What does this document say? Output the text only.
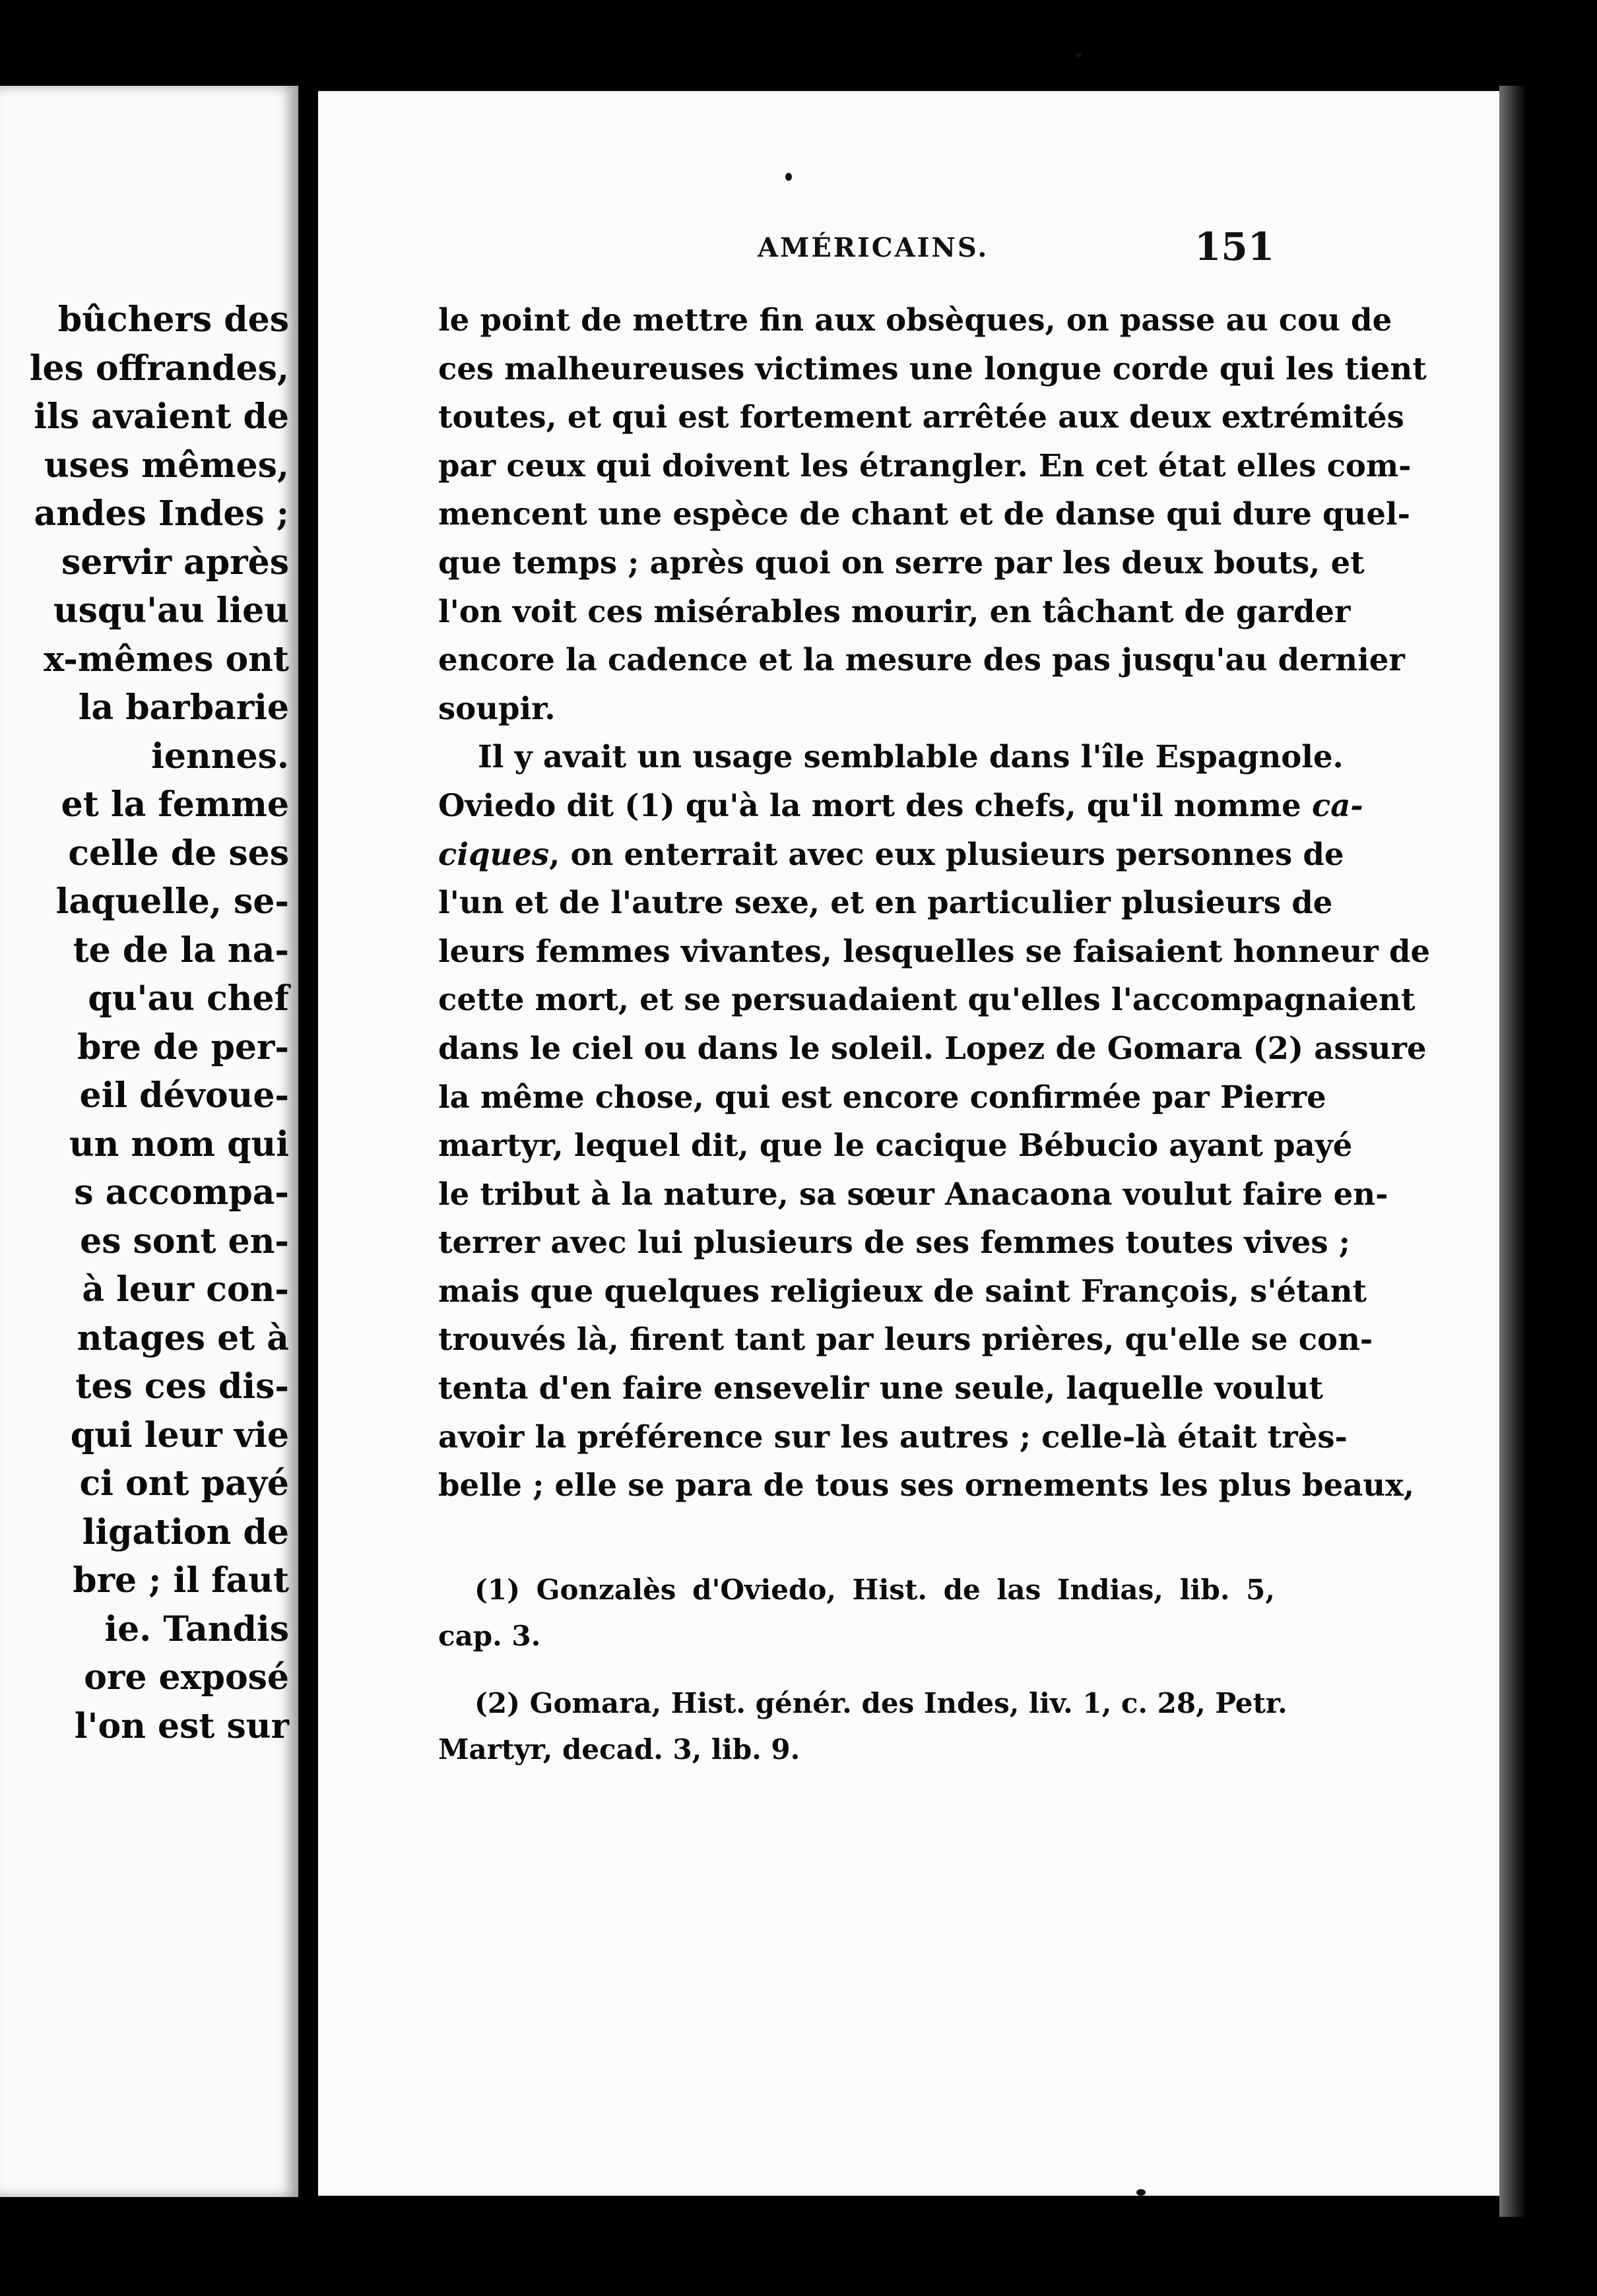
bûchers des
les offrandes,
ils avaient de
uses mêmes,
andes Indes ;
servir après
usqu'au lieu
x-mêmes ont
la barbarie
iennes.
et la femme
celle de ses
laquelle, se-
te de la na-
qu'au chef
bre de per-
eil dévoue-
un nom qui
s accompa-
es sont en-
à leur con-
ntages et à
tes ces dis-
qui leur vie
ci ont payé
ligation de
bre ; il faut
ie. Tandis
ore exposé
l'on est sur
AMÉRICAINS.	151
le point de mettre fin aux obsèques, on passe au cou de
ces malheureuses victimes une longue corde qui les tient
toutes, et qui est fortement arrêtée aux deux extrémités
par ceux qui doivent les étrangler. En cet état elles com-
mencent une espèce de chant et de danse qui dure quel-
que temps ; après quoi on serre par les deux bouts, et
l'on voit ces misérables mourir, en tâchant de garder
encore la cadence et la mesure des pas jusqu'au dernier
soupir.
Il y avait un usage semblable dans l'île Espagnole.
Oviedo dit (1) qu'à la mort des chefs, qu'il nomme ca-
ciques, on enterrait avec eux plusieurs personnes de
l'un et de l'autre sexe, et en particulier plusieurs de
leurs femmes vivantes, lesquelles se faisaient honneur de
cette mort, et se persuadaient qu'elles l'accompagnaient
dans le ciel ou dans le soleil. Lopez de Gomara (2) assure
la même chose, qui est encore confirmée par Pierre
martyr, lequel dit, que le cacique Bébucio ayant payé
le tribut à la nature, sa sœur Anacaona voulut faire en-
terrer avec lui plusieurs de ses femmes toutes vives ;
mais que quelques religieux de saint François, s'étant
trouvés là, firent tant par leurs prières, qu'elle se con-
tenta d'en faire ensevelir une seule, laquelle voulut
avoir la préférence sur les autres ; celle-là était très-
belle ; elle se para de tous ses ornements les plus beaux,
(1) Gonzalès d'Oviedo, Hist. de las Indias, lib. 5,
cap. 3.
(2) Gomara, Hist. génér. des Indes, liv. 1, c. 28, Petr.
Martyr, decad. 3, lib. 9.
